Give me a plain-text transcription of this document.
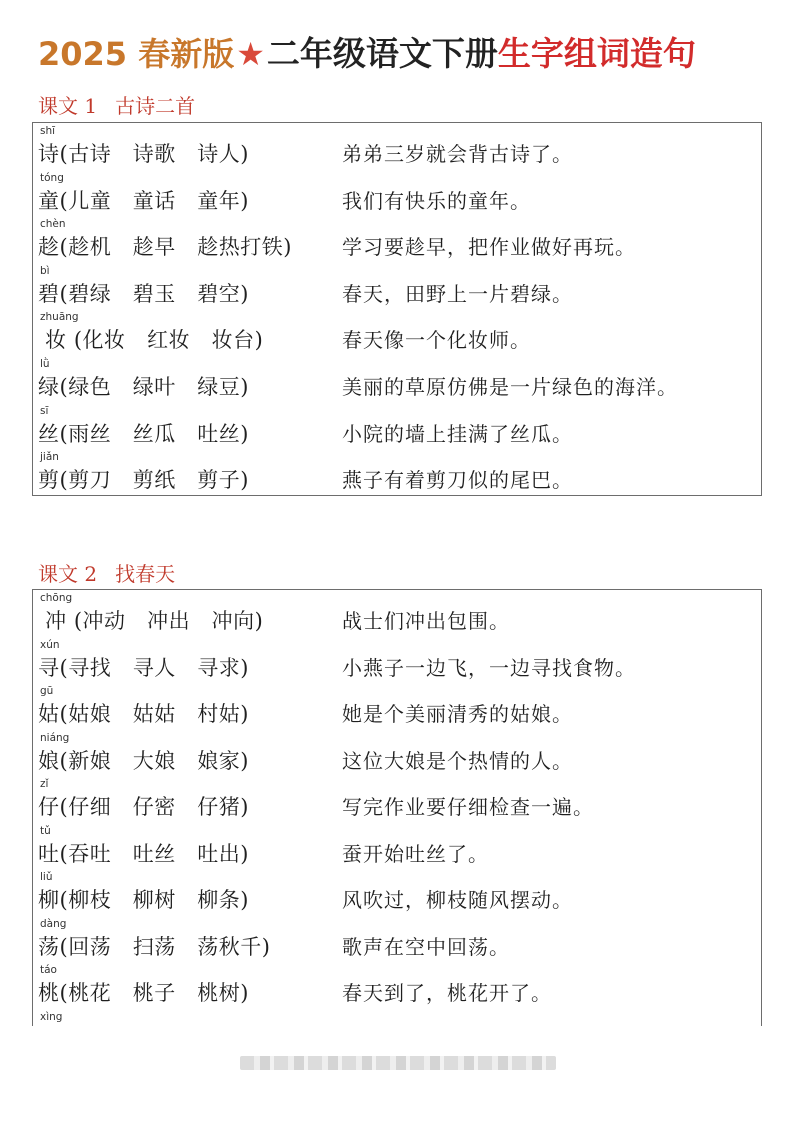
2025 春新版 ★ 二年级语文下册 生字组词造句
课文 1 古诗二首
shī
诗(古诗   诗歌   诗人)	弟弟三岁就会背古诗了。
tóng
童(儿童   童话   童年)	我们有快乐的童年。
chèn
趁(趁机   趁早   趁热打铁)	学习要趁早，把作业做好再玩。
bì
碧(碧绿   碧玉   碧空)	春天，田野上一片碧绿。
zhuāng
妆 (化妆   红妆   妆台)	春天像一个化妆师。
lǜ
绿(绿色   绿叶   绿豆)	美丽的草原仿佛是一片绿色的海洋。
sī
丝(雨丝   丝瓜   吐丝)	小院的墙上挂满了丝瓜。
jiǎn
剪(剪刀   剪纸   剪子)	燕子有着剪刀似的尾巴。
课文 2 找春天
chōng
冲 (冲动   冲出   冲向)	战士们冲出包围。
xún
寻(寻找   寻人   寻求)	小燕子一边飞，一边寻找食物。
gū
姑(姑娘   姑姑   村姑)	她是个美丽清秀的姑娘。
niáng
娘(新娘   大娘   娘家)	这位大娘是个热情的人。
zǐ
仔(仔细   仔密   仔猪)	写完作业要仔细检查一遍。
tǔ
吐(吞吐   吐丝   吐出)	蚕开始吐丝了。
liǔ
柳(柳枝   柳树   柳条)	风吹过，柳枝随风摆动。
dàng
荡(回荡   扫荡   荡秋千)	歌声在空中回荡。
táo
桃(桃花   桃子   桃树)	春天到了，桃花开了。
xìng
